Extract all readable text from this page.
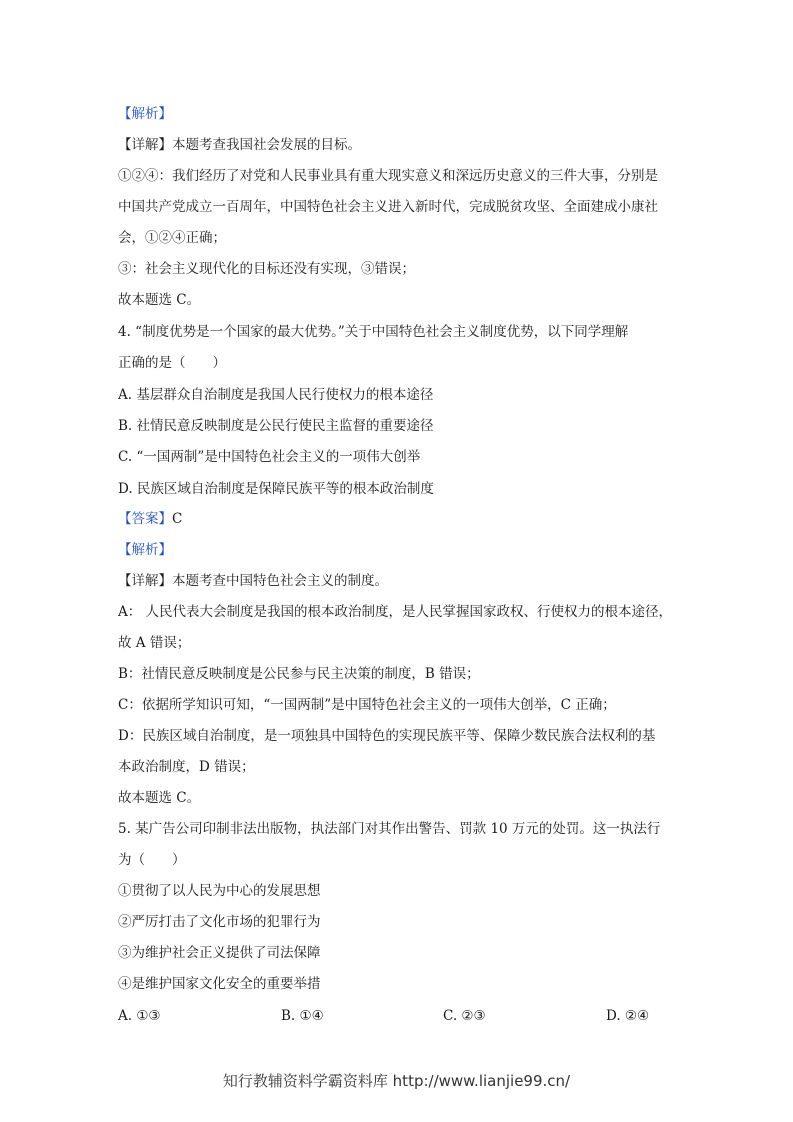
【解析】
【详解】本题考查我国社会发展的目标。
①②④：我们经历了对党和人民事业具有重大现实意义和深远历史意义的三件大事，分别是
中国共产党成立一百周年，中国特色社会主义进入新时代，完成脱贫攻坚、全面建成小康社
会，①②④正确；
③：社会主义现代化的目标还没有实现，③错误；
故本题选 C。
4. “制度优势是一个国家的最大优势。”关于中国特色社会主义制度优势，以下同学理解
正确的是（　　）
A. 基层群众自治制度是我国人民行使权力的根本途径
B. 社情民意反映制度是公民行使民主监督的重要途径
C. “一国两制”是中国特色社会主义的一项伟大创举
D. 民族区域自治制度是保障民族平等的根本政治制度
【答案】C
【解析】
【详解】本题考查中国特色社会主义的制度。
A： 人民代表大会制度是我国的根本政治制度，是人民掌握国家政权、行使权力的根本途径，
故 A 错误；
B：社情民意反映制度是公民参与民主决策的制度，B 错误；
C：依据所学知识可知，“一国两制”是中国特色社会主义的一项伟大创举，C 正确；
D：民族区域自治制度，是一项独具中国特色的实现民族平等、保障少数民族合法权利的基
本政治制度，D 错误；
故本题选 C。
5. 某广告公司印制非法出版物，执法部门对其作出警告、罚款 10 万元的处罚。这一执法行
为（　　）
①贯彻了以人民为中心的发展思想
②严厉打击了文化市场的犯罪行为
③为维护社会正义提供了司法保障
④是维护国家文化安全的重要举措
A. ①③	B. ①④	C. ②③	D. ②④
知行教辅资料学霸资料库 http://www.lianjie99.cn/
